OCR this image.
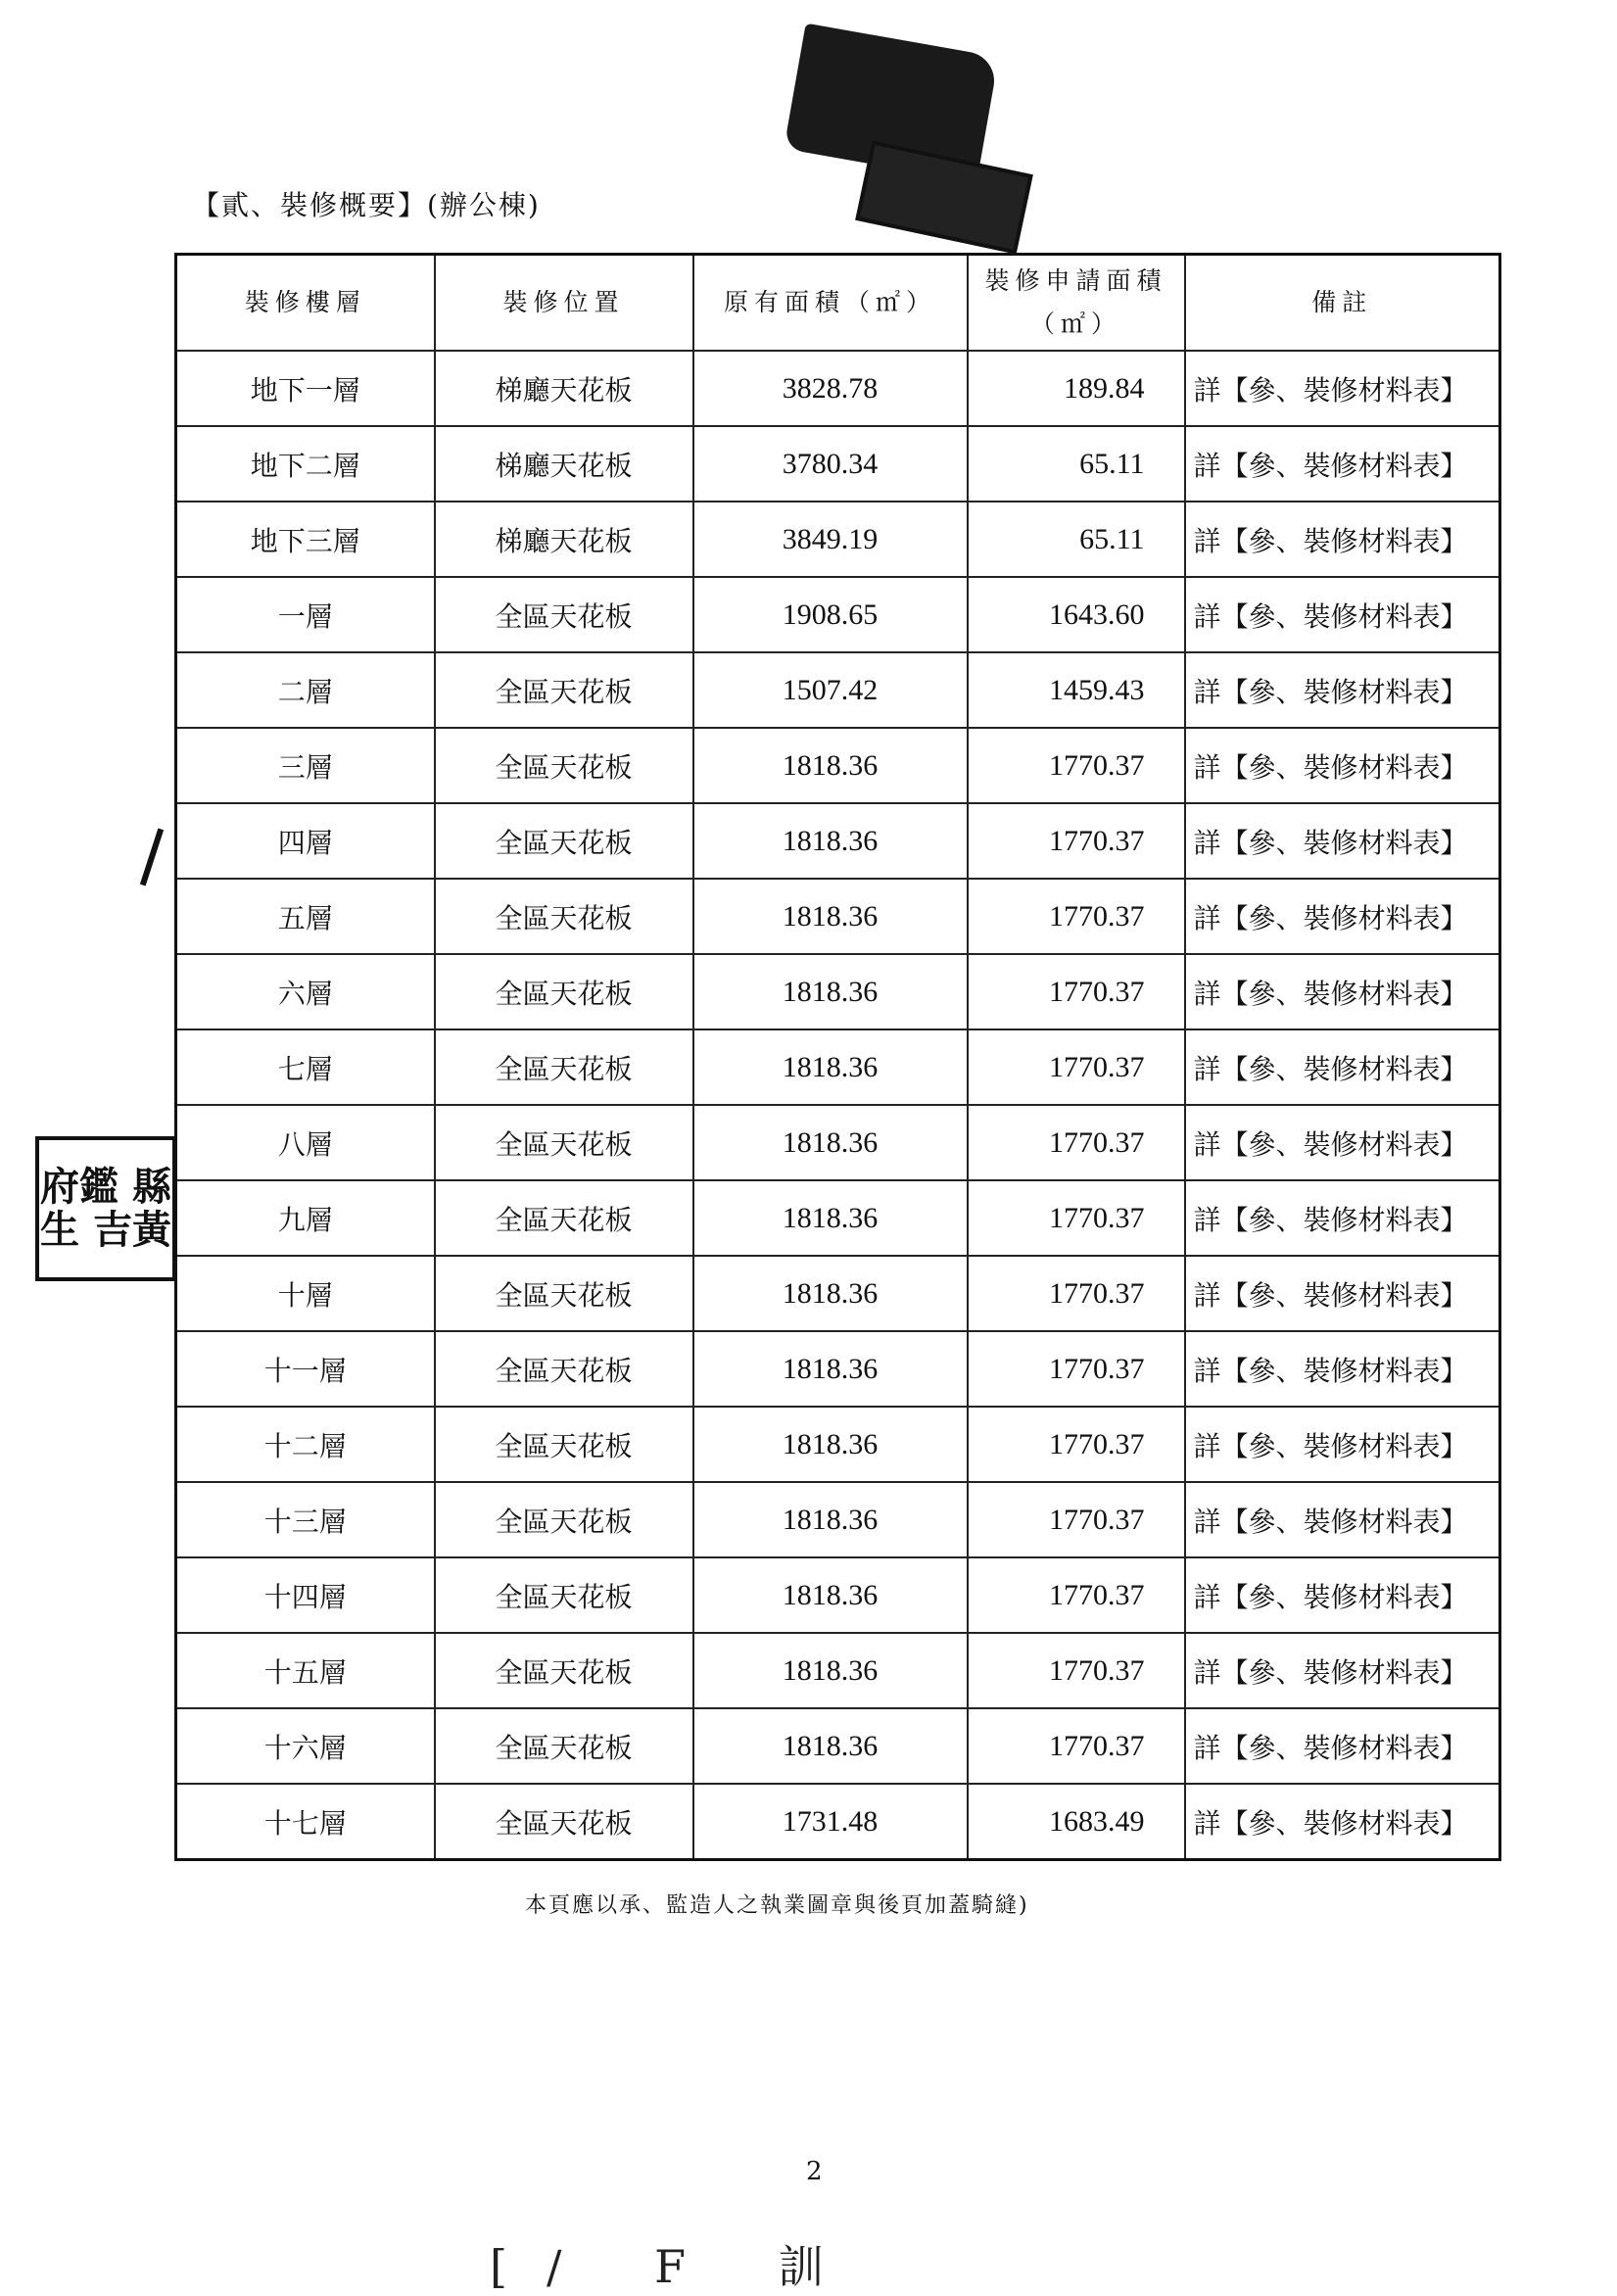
【貳、裝修概要】(辦公棟)
裝修樓層	裝修位置	原有面積（㎡）	裝修申請面積（㎡）	備註
地下一層	梯廳天花板	3828.78	189.84	詳【參、裝修材料表】
地下二層	梯廳天花板	3780.34	65.11	詳【參、裝修材料表】
地下三層	梯廳天花板	3849.19	65.11	詳【參、裝修材料表】
一層	全區天花板	1908.65	1643.60	詳【參、裝修材料表】
二層	全區天花板	1507.42	1459.43	詳【參、裝修材料表】
三層	全區天花板	1818.36	1770.37	詳【參、裝修材料表】
四層	全區天花板	1818.36	1770.37	詳【參、裝修材料表】
五層	全區天花板	1818.36	1770.37	詳【參、裝修材料表】
六層	全區天花板	1818.36	1770.37	詳【參、裝修材料表】
七層	全區天花板	1818.36	1770.37	詳【參、裝修材料表】
八層	全區天花板	1818.36	1770.37	詳【參、裝修材料表】
九層	全區天花板	1818.36	1770.37	詳【參、裝修材料表】
十層	全區天花板	1818.36	1770.37	詳【參、裝修材料表】
十一層	全區天花板	1818.36	1770.37	詳【參、裝修材料表】
十二層	全區天花板	1818.36	1770.37	詳【參、裝修材料表】
十三層	全區天花板	1818.36	1770.37	詳【參、裝修材料表】
十四層	全區天花板	1818.36	1770.37	詳【參、裝修材料表】
十五層	全區天花板	1818.36	1770.37	詳【參、裝修材料表】
十六層	全區天花板	1818.36	1770.37	詳【參、裝修材料表】
十七層	全區天花板	1731.48	1683.49	詳【參、裝修材料表】
本頁應以承、監造人之執業圖章與後頁加蓋騎縫)
2
府鑑 縣生 吉黃
[/ F 訓
